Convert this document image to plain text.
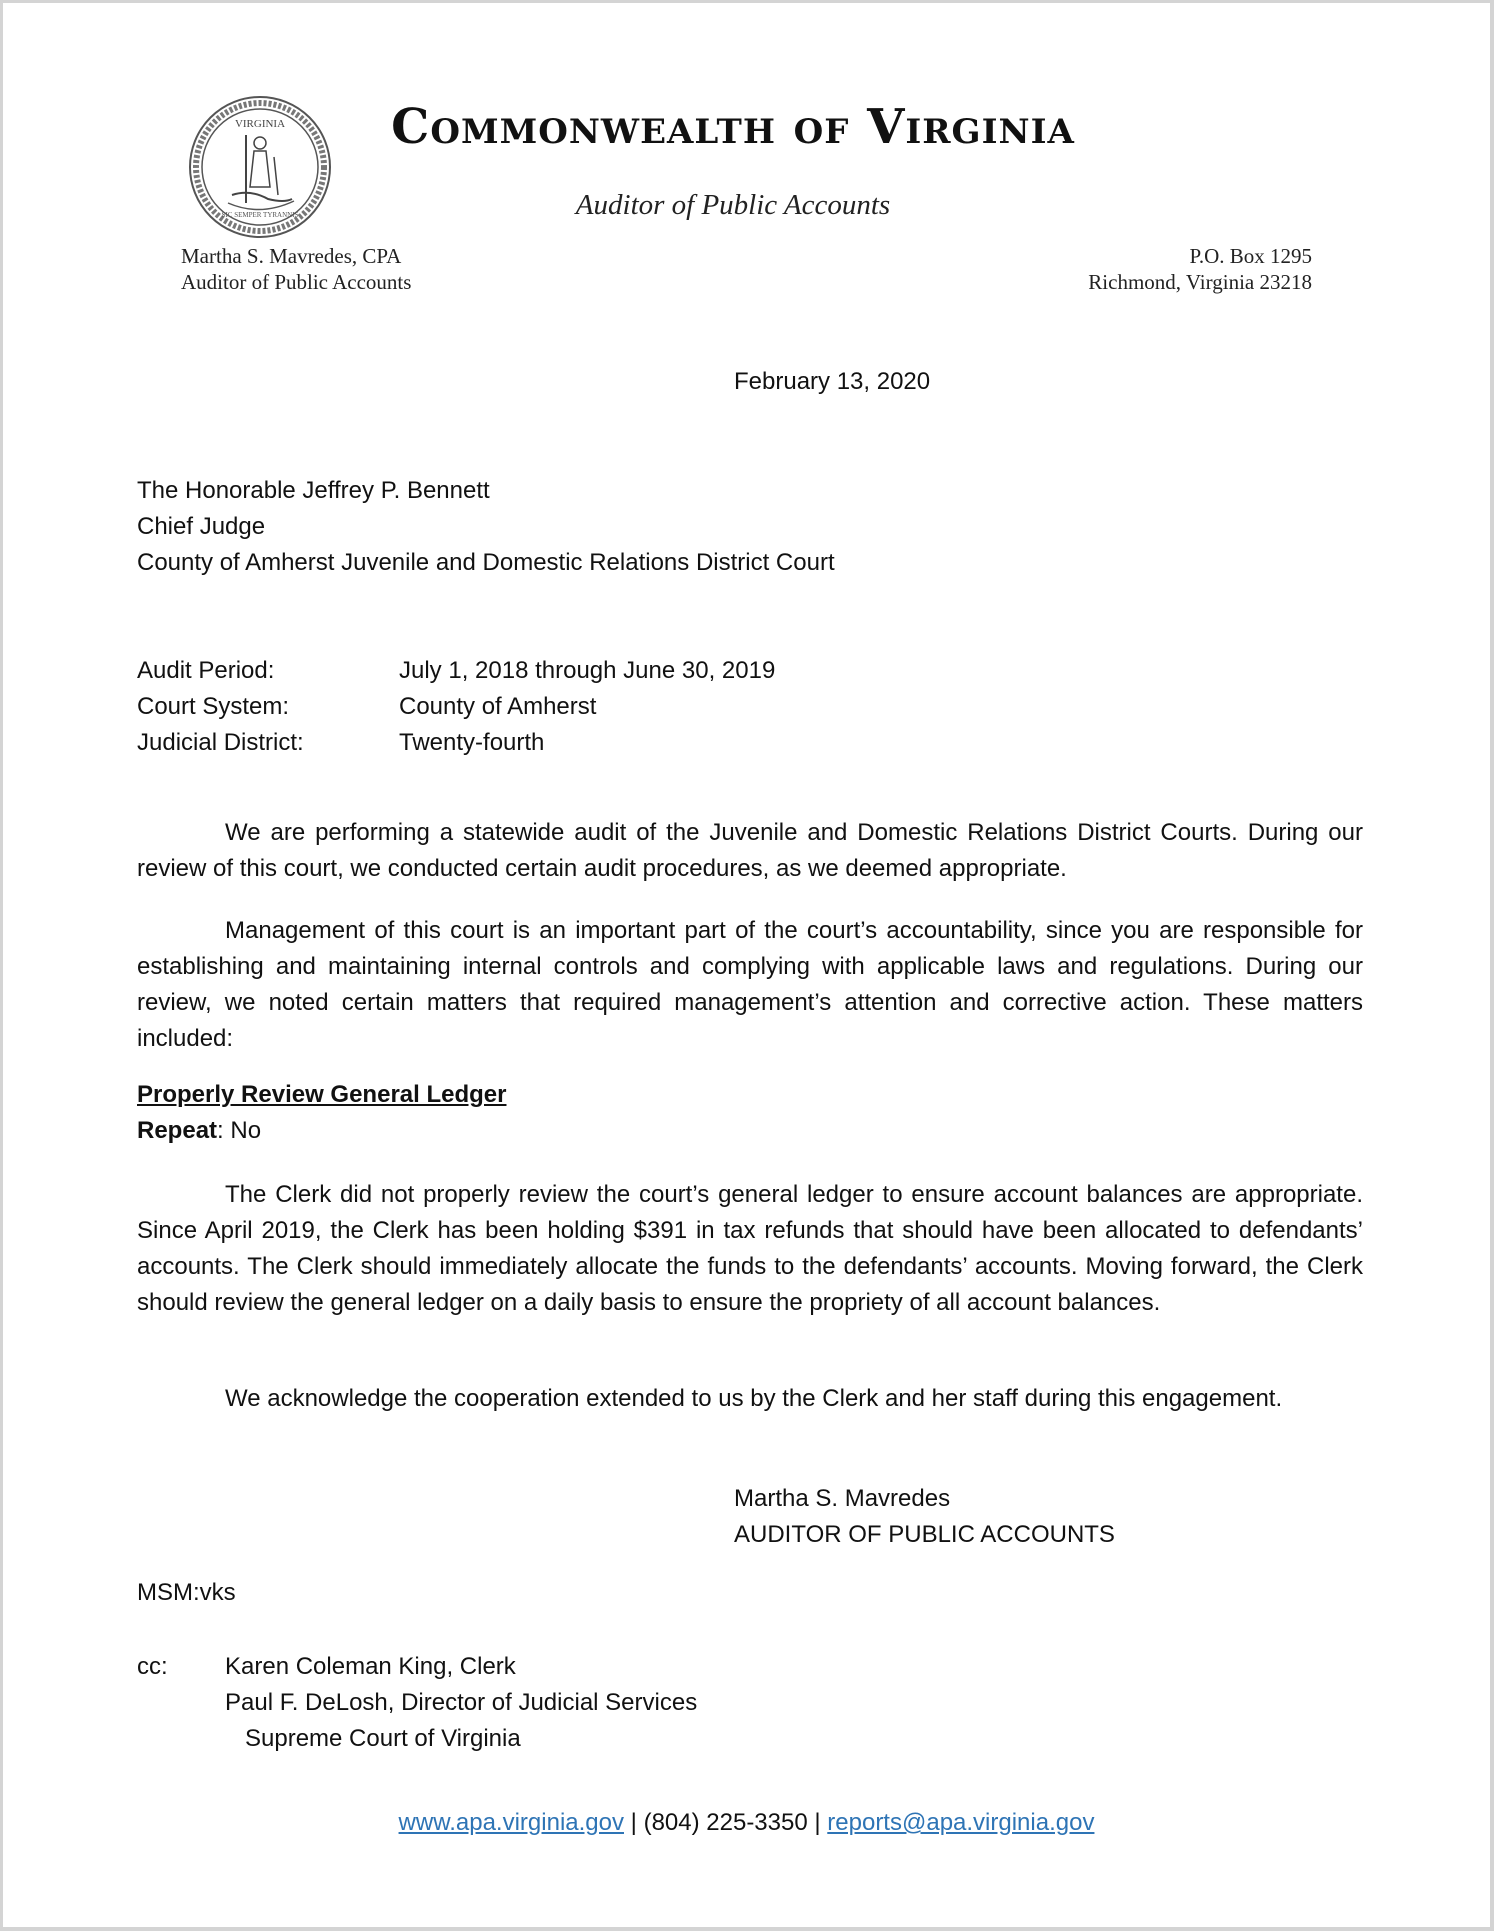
VIRGINIA
SIC SEMPER TYRANNIS
Commonwealth of Virginia
Auditor of Public Accounts
Martha S. Mavredes, CPA
Auditor of Public Accounts
P.O. Box 1295
Richmond, Virginia 23218
February 13, 2020
The Honorable Jeffrey P. Bennett
Chief Judge
County of Amherst Juvenile and Domestic Relations District Court
Audit Period:	July 1, 2018 through June 30, 2019
Court System:	County of Amherst
Judicial District:	Twenty-fourth
We are performing a statewide audit of the Juvenile and Domestic Relations District Courts. During our review of this court, we conducted certain audit procedures, as we deemed appropriate.
Management of this court is an important part of the court’s accountability, since you are responsible for establishing and maintaining internal controls and complying with applicable laws and regulations. During our review, we noted certain matters that required management’s attention and corrective action. These matters included:
Properly Review General Ledger
Repeat: No
The Clerk did not properly review the court’s general ledger to ensure account balances are appropriate. Since April 2019, the Clerk has been holding $391 in tax refunds that should have been allocated to defendants’ accounts. The Clerk should immediately allocate the funds to the defendants’ accounts. Moving forward, the Clerk should review the general ledger on a daily basis to ensure the propriety of all account balances.
We acknowledge the cooperation extended to us by the Clerk and her staff during this engagement.
Martha S. Mavredes
AUDITOR OF PUBLIC ACCOUNTS
MSM:vks
cc:	Karen Coleman King, Clerk
Paul F. DeLosh, Director of Judicial Services
Supreme Court of Virginia
www.apa.virginia.gov | (804) 225-3350 | reports@apa.virginia.gov
